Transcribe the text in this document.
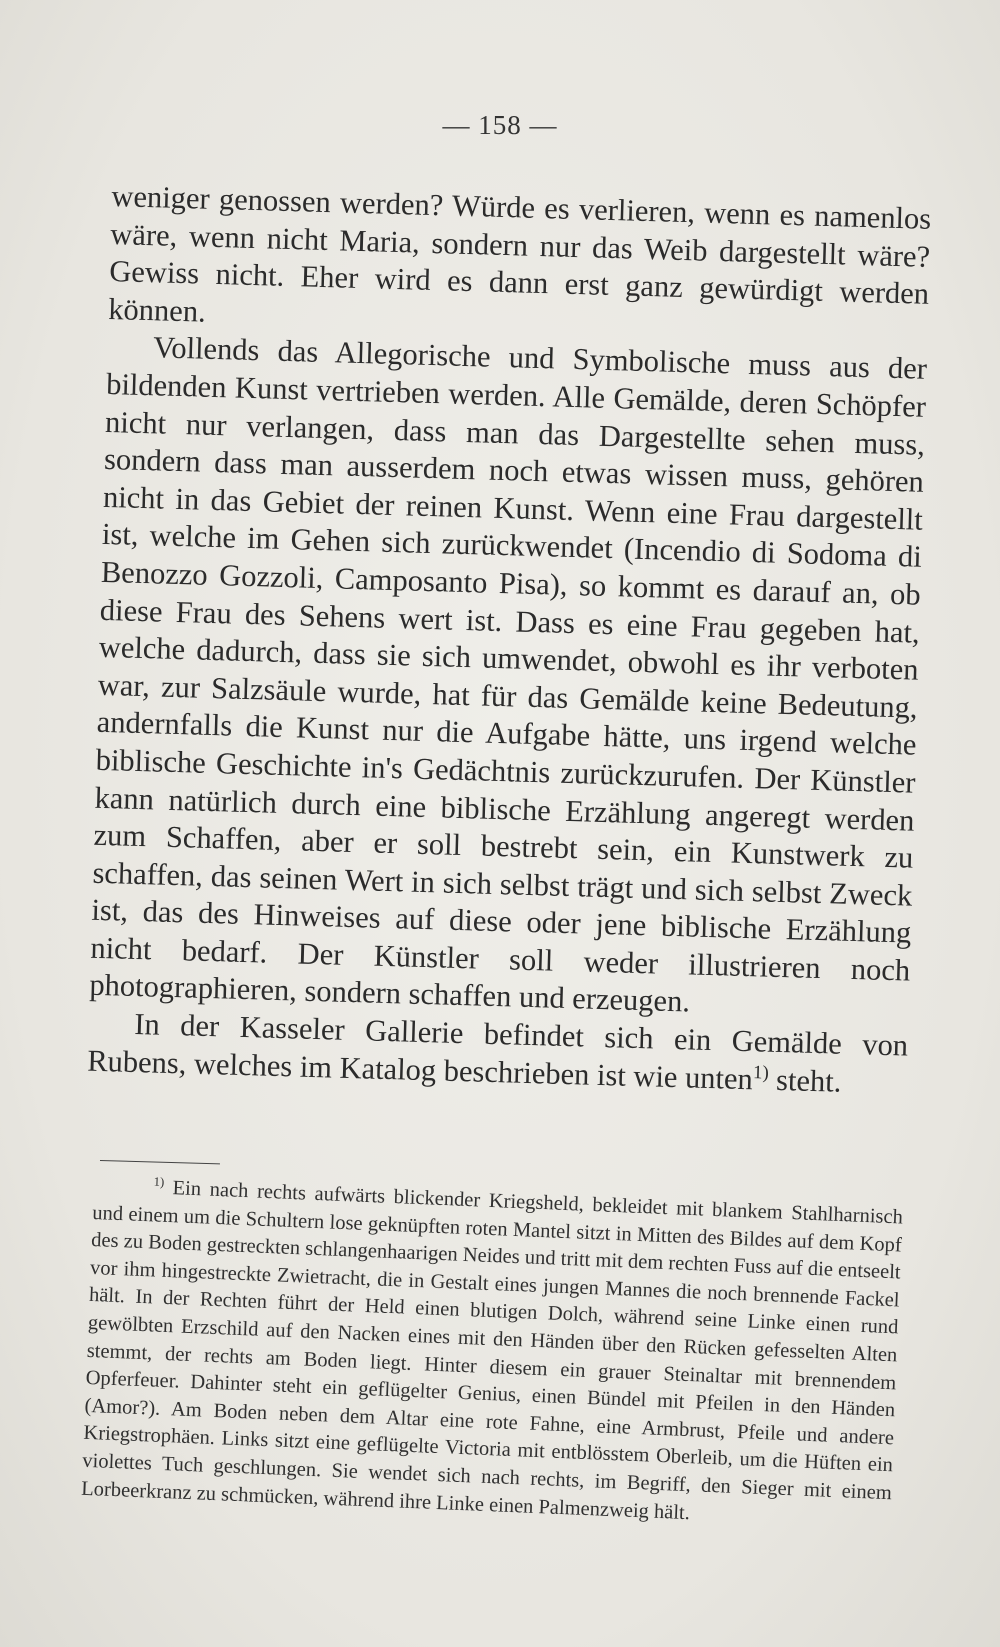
— 158 —

weniger genossen werden? Würde es verlieren, wenn es namenlos wäre, wenn nicht Maria, sondern nur das Weib dargestellt wäre? Gewiss nicht. Eher wird es dann erst ganz gewürdigt werden können.

Vollends das Allegorische und Symbolische muss aus der bildenden Kunst vertrieben werden. Alle Gemälde, deren Schöpfer nicht nur verlangen, dass man das Dargestellte sehen muss, sondern dass man ausserdem noch etwas wissen muss, gehören nicht in das Gebiet der reinen Kunst. Wenn eine Frau dargestellt ist, welche im Gehen sich zurückwendet (Incendio di Sodoma di Benozzo Gozzoli, Camposanto Pisa), so kommt es darauf an, ob diese Frau des Sehens wert ist. Dass es eine Frau gegeben hat, welche dadurch, dass sie sich umwendet, obwohl es ihr verboten war, zur Salzsäule wurde, hat für das Gemälde keine Bedeutung, andernfalls die Kunst nur die Aufgabe hätte, uns irgend welche biblische Geschichte in's Gedächtnis zurückzurufen. Der Künstler kann natürlich durch eine biblische Erzählung angeregt werden zum Schaffen, aber er soll bestrebt sein, ein Kunstwerk zu schaffen, das seinen Wert in sich selbst trägt und sich selbst Zweck ist, das des Hinweises auf diese oder jene biblische Erzählung nicht bedarf. Der Künstler soll weder illustrieren noch photographieren, sondern schaffen und erzeugen.

In der Kasseler Gallerie befindet sich ein Gemälde von Rubens, welches im Katalog beschrieben ist wie unten$^{1)}$ steht.

$^{1)}$ Ein nach rechts aufwärts blickender Kriegsheld, bekleidet mit blankem Stahlharnisch und einem um die Schultern lose geknüpften roten Mantel sitzt in Mitten des Bildes auf dem Kopf des zu Boden gestreckten schlangenhaarigen Neides und tritt mit dem rechten Fuss auf die entseelt vor ihm hingestreckte Zwietracht, die in Gestalt eines jungen Mannes die noch brennende Fackel hält. In der Rechten führt der Held einen blutigen Dolch, während seine Linke einen rund gewölbten Erzschild auf den Nacken eines mit den Händen über den Rücken gefesselten Alten stemmt, der rechts am Boden liegt. Hinter diesem ein grauer Steinaltar mit brennendem Opferfeuer. Dahinter steht ein geflügelter Genius, einen Bündel mit Pfeilen in den Händen (Amor?). Am Boden neben dem Altar eine rote Fahne, eine Armbrust, Pfeile und andere Kriegstrophäen. Links sitzt eine geflügelte Victoria mit entblösstem Oberleib, um die Hüften ein violettes Tuch geschlungen. Sie wendet sich nach rechts, im Begriff, den Sieger mit einem Lorbeerkranz zu schmücken, während ihre Linke einen Palmenzweig hält.
